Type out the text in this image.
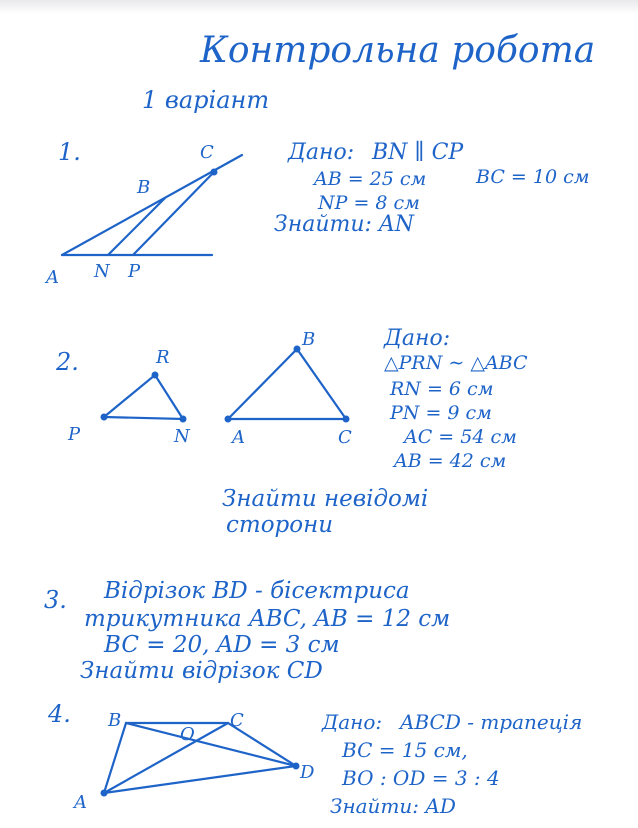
Контрольна робота
1 варіант
C
B
A N P
R
P	N
B
A	C
B	C
O
A
D
1.	Дано: BN ∥ CP
AB = 25 см	BC = 10 см
NP = 8 см
Знайти: AN
2.
Дано:
△PRN ∼ △ABC
RN = 6 см
PN = 9 см
AC = 54 см
AB = 42 см
Знайти невідомі
сторони
3. Відрізок BD - бісектриса
трикутника ABC, AB = 12 см
BC = 20, AD = 3 см
Знайти відрізок CD
4.	Дано: ABCD - трапеція
BC = 15 см,
BO : OD = 3 : 4
Знайти: AD
